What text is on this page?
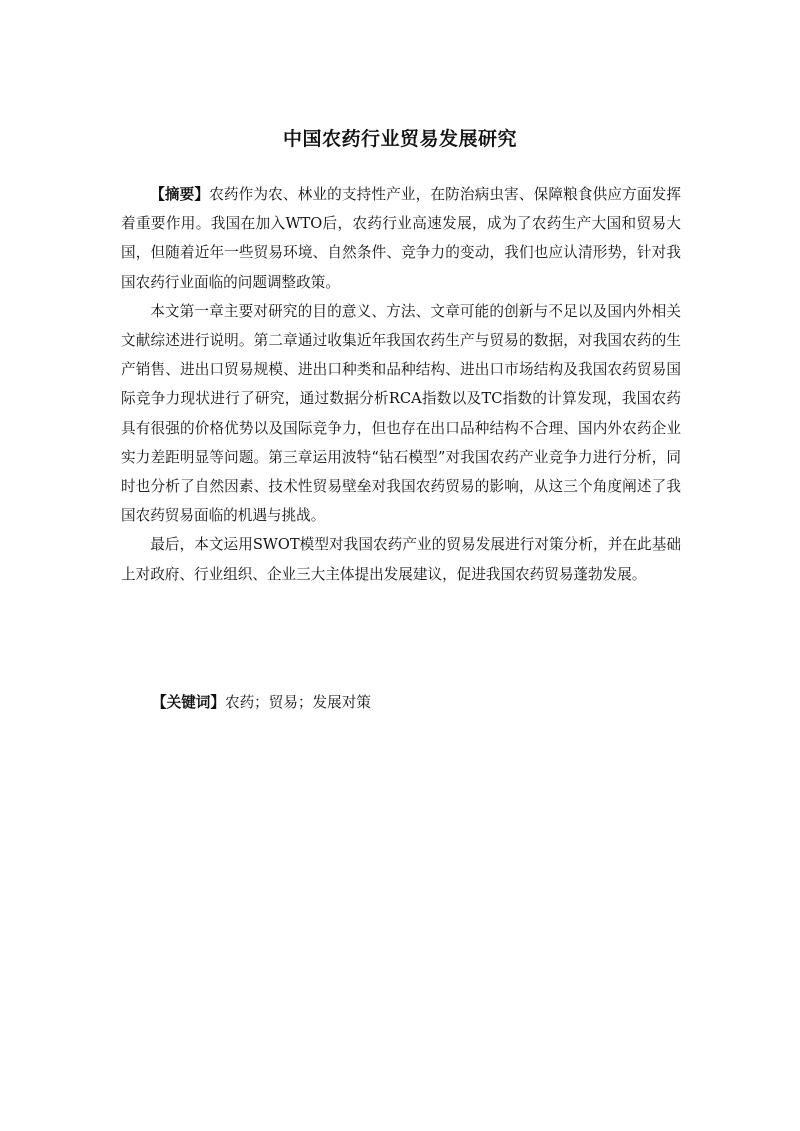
中国农药行业贸易发展研究

【摘要】农药作为农、林业的支持性产业，在防治病虫害、保障粮食供应方面发挥着重要作用。我国在加入WTO后，农药行业高速发展，成为了农药生产大国和贸易大国，但随着近年一些贸易环境、自然条件、竞争力的变动，我们也应认清形势，针对我国农药行业面临的问题调整政策。

本文第一章主要对研究的目的意义、方法、文章可能的创新与不足以及国内外相关文献综述进行说明。第二章通过收集近年我国农药生产与贸易的数据，对我国农药的生产销售、进出口贸易规模、进出口种类和品种结构、进出口市场结构及我国农药贸易国际竞争力现状进行了研究，通过数据分析RCA指数以及TC指数的计算发现，我国农药具有很强的价格优势以及国际竞争力，但也存在出口品种结构不合理、国内外农药企业实力差距明显等问题。第三章运用波特“钻石模型”对我国农药产业竞争力进行分析，同时也分析了自然因素、技术性贸易壁垒对我国农药贸易的影响，从这三个角度阐述了我国农药贸易面临的机遇与挑战。

最后，本文运用SWOT模型对我国农药产业的贸易发展进行对策分析，并在此基础上对政府、行业组织、企业三大主体提出发展建议，促进我国农药贸易蓬勃发展。

【关键词】农药；贸易；发展对策
